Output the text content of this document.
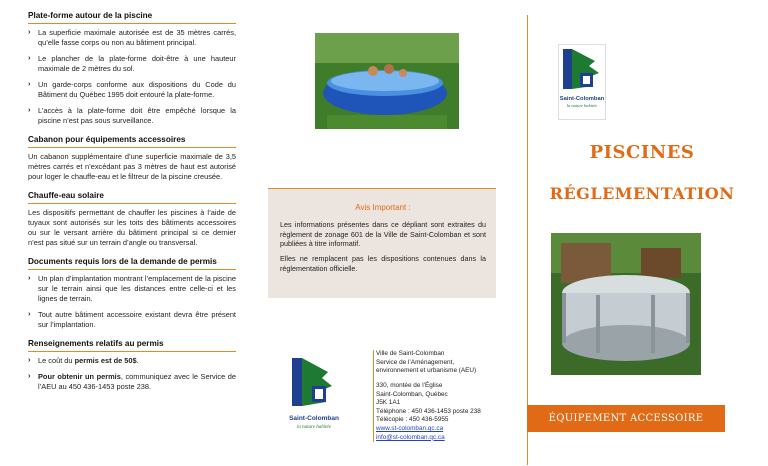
Plate-forme autour de la piscine
› La superficie maximale autorisée est de 35 mètres carrés, qu’elle fasse corps ou non au bâtiment principal.
› Le plancher de la plate-forme doit-être à une hauteur maximale de 2 mètres du sol.
› Un garde-corps conforme aux dispositions du Code du Bâtiment du Québec 1995 doit entouré la plate-forme.
› L’accès à la plate-forme doit être empêché lorsque la piscine n’est pas sous surveillance.
Cabanon pour équipements accessoires

Un cabanon supplémentaire d’une superficie maximale de 3,5 mètres carrés et n’excédant pas 3 mètres de haut est autorisé pour loger le chauffe-eau et le filtreur de la piscine creusée.

Chauffe-eau solaire

Les dispositifs permettant de chauffer les piscines à l’aide de tuyaux sont autorisés sur les toits des bâtiments accessoires ou sur le versant arrière du bâtiment principal si ce dernier n’est pas situé sur un terrain d’angle ou transversal.

Documents requis lors de la demande de permis
› Un plan d’implantation montrant l’emplacement de la piscine sur le terrain ainsi que les distances entre celle-ci et les lignes de terrain.
› Tout autre bâtiment accessoire existant devra être présent sur l’implantation.
Renseignements relatifs au permis
› Le coût du permis est de 50$.
› Pour obtenir un permis, communiquez avec le Service de l’AEU au 450 436-1453 poste 238.
Avis Important :

Les informations présentes dans ce dépliant sont extraites du règlement de zonage 601 de la Ville de Saint-Colomban et sont publiées à titre informatif.

Elles ne remplacent pas les dispositions contenues dans la réglementation officielle.

Saint-Colomban
la nature habitée
Ville de Saint-Colomban
Service de l’Aménagement,
environnement et urbanisme (AEU)
330, montée de l’Église
Saint-Colomban, Québec
J5K 1A1
Téléphone : 450 436-1453 poste 238
Télécopie : 450 436-5955
www.st-colomban.qc.ca
info@st-colomban.qc.ca
Saint-Colomban
la nature habitée
PISCINES
RÉGLEMENTATION
ÉQUIPEMENT ACCESSOIRE
